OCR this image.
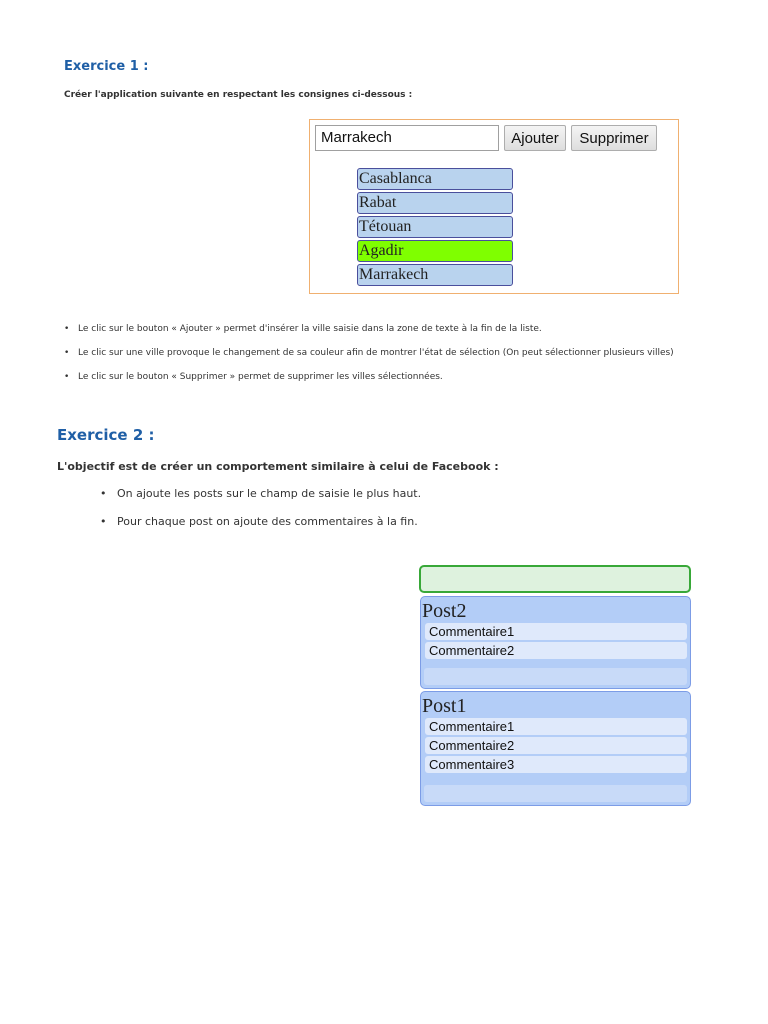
Exercice 1 :
Créer l'application suivante en respectant les consignes ci-dessous :
Marrakech	Ajouter	Supprimer
Casablanca
Rabat
Tétouan
Agadir
Marrakech
• Le clic sur le bouton « Ajouter » permet d'insérer la ville saisie dans la zone de texte à la fin de la liste.
• Le clic sur une ville provoque le changement de sa couleur afin de montrer l'état de sélection (On peut sélectionner plusieurs villes)
• Le clic sur le bouton « Supprimer » permet de supprimer les villes sélectionnées.
Exercice 2 :
L'objectif est de créer un comportement similaire à celui de Facebook :
• On ajoute les posts sur le champ de saisie le plus haut.
• Pour chaque post on ajoute des commentaires à la fin.
Post2
Commentaire1
Commentaire2
Post1
Commentaire1
Commentaire2
Commentaire3
